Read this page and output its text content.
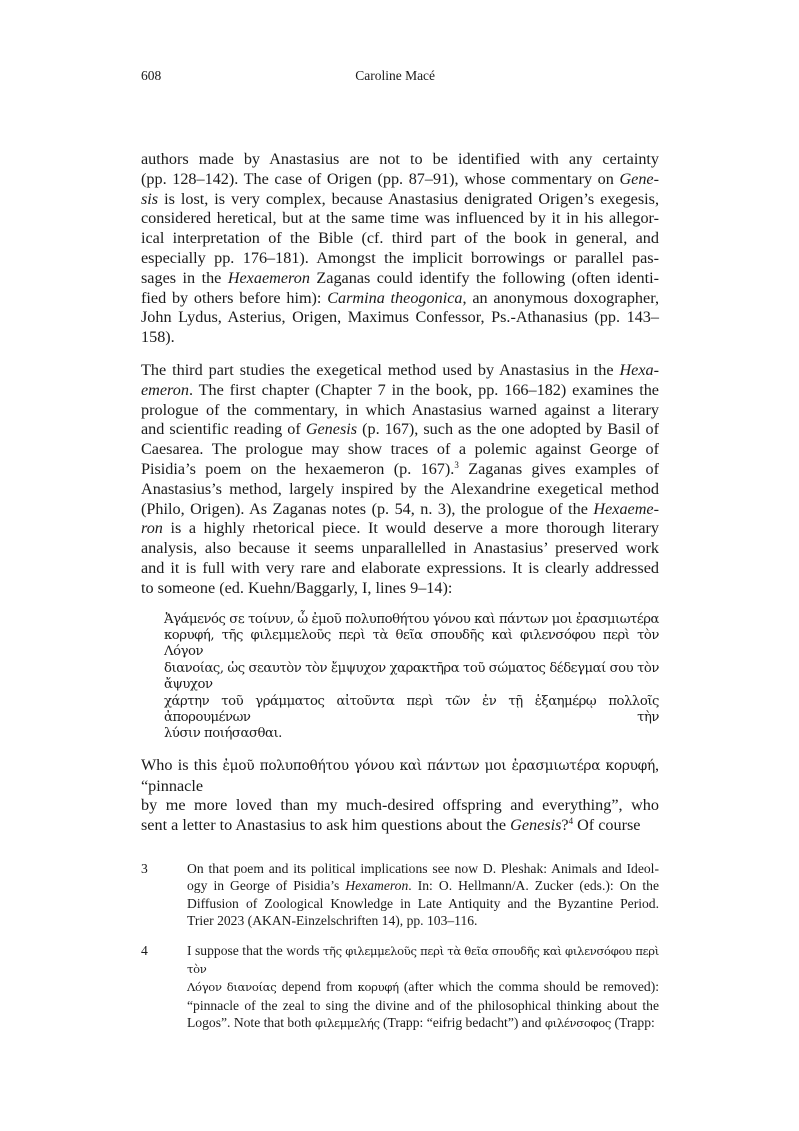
608	Caroline Macé
authors made by Anastasius are not to be identified with any certainty
(pp. 128–142). The case of Origen (pp. 87–91), whose commentary on Gene-
sis is lost, is very complex, because Anastasius denigrated Origen’s exegesis,
considered heretical, but at the same time was influenced by it in his allegor-
ical interpretation of the Bible (cf. third part of the book in general, and
especially pp. 176–181). Amongst the implicit borrowings or parallel pas-
sages in the Hexaemeron Zaganas could identify the following (often identi-
fied by others before him): Carmina theogonica, an anonymous doxographer,
John Lydus, Asterius, Origen, Maximus Confessor, Ps.-Athanasius (pp. 143–
158).
The third part studies the exegetical method used by Anastasius in the Hexa-
emeron. The first chapter (Chapter 7 in the book, pp. 166–182) examines the
prologue of the commentary, in which Anastasius warned against a literary
and scientific reading of Genesis (p. 167), such as the one adopted by Basil of
Caesarea. The prologue may show traces of a polemic against George of
Pisidia’s poem on the hexaemeron (p. 167).$^3$ Zaganas gives examples of
Anastasius’s method, largely inspired by the Alexandrine exegetical method
(Philo, Origen). As Zaganas notes (p. 54, n. 3), the prologue of the Hexaeme-
ron is a highly rhetorical piece. It would deserve a more thorough literary
analysis, also because it seems unparallelled in Anastasius’ preserved work
and it is full with very rare and elaborate expressions. It is clearly addressed
to someone (ed. Kuehn/Baggarly, I, lines 9–14):
Ἀγάμενός σε τοίνυν, ὦ ἐμοῦ πολυποθήτου γόνου καὶ πάντων μοι ἐρασμιωτέρα
κορυφή, τῆς φιλεμμελοῦς περὶ τὰ θεῖα σπουδῆς καὶ φιλενσόφου περὶ τὸν Λόγον
διανοίας, ὡς σεαυτὸν τὸν ἔμψυχον χαρακτῆρα τοῦ σώματος δέδεγμαί σου τὸν ἄψυχον
χάρτην τοῦ γράμματος αἰτοῦντα περὶ τῶν ἐν τῇ ἑξαημέρῳ πολλοῖς ἀπορουμένων τὴν
λύσιν ποιήσασθαι.
Who is this ἐμοῦ πολυποθήτου γόνου καὶ πάντων μοι ἐρασμιωτέρα κορυφή, “pinnacle
by me more loved than my much-desired offspring and everything”, who
sent a letter to Anastasius to ask him questions about the Genesis?$^4$ Of course
3	On that poem and its political implications see now D. Pleshak: Animals and Ideol-
ogy in George of Pisidia’s Hexameron. In: O. Hellmann/A. Zucker (eds.): On the
Diffusion of Zoological Knowledge in Late Antiquity and the Byzantine Period.
Trier 2023 (AKAN-Einzelschriften 14), pp. 103–116.
4	I suppose that the words τῆς φιλεμμελοῦς περὶ τὰ θεῖα σπουδῆς καὶ φιλενσόφου περὶ τὸν
Λόγον διανοίας depend from κορυφή (after which the comma should be removed):
“pinnacle of the zeal to sing the divine and of the philosophical thinking about the
Logos”. Note that both φιλεμμελής (Trapp: “eifrig bedacht”) and φιλένσοφος (Trapp:
